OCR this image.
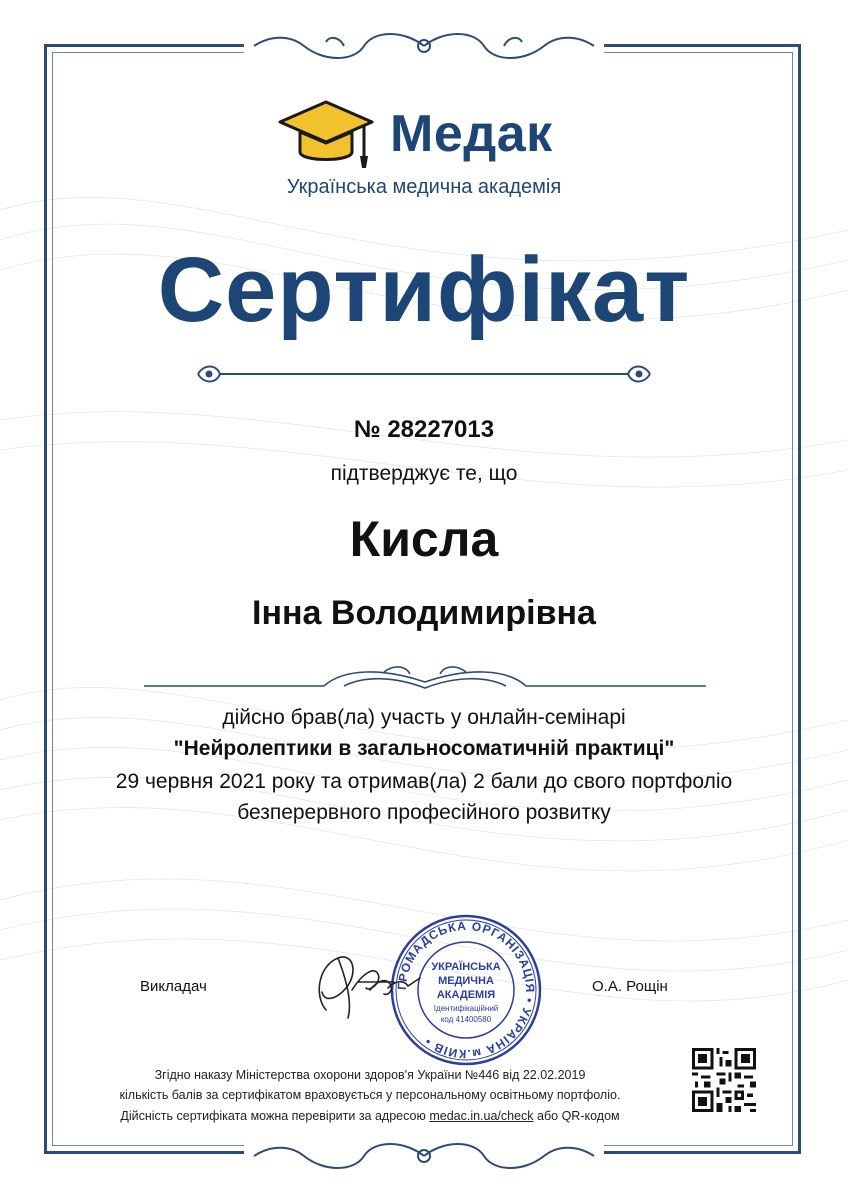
Медак
Українська медична академія
Сертифікат
№ 28227013
підтверджує те, що
Кисла
Інна Володимирівна
дійсно брав(ла) участь у онлайн-семінарі
"Нейролептики в загальносоматичній практиці"
29 червня 2021 року та отримав(ла) 2 бали до свого портфоліо
безперервного професійного розвитку
Викладач	О.А. Рощін
ГРОМАДСЬКА ОРГАНІЗАЦІЯ • УКРАЇНА м.КИЇВ •
УКРАЇНСЬКА
МЕДИЧНА
АКАДЕМІЯ
Ідентифікаційний
код 41400580
Згідно наказу Міністерства охорони здоров'я України №446 від 22.02.2019
кількість балів за сертифікатом враховується у персональному освітньому портфоліо.
Дійсність сертифіката можна перевірити за адресою medac.in.ua/check або QR-кодом
